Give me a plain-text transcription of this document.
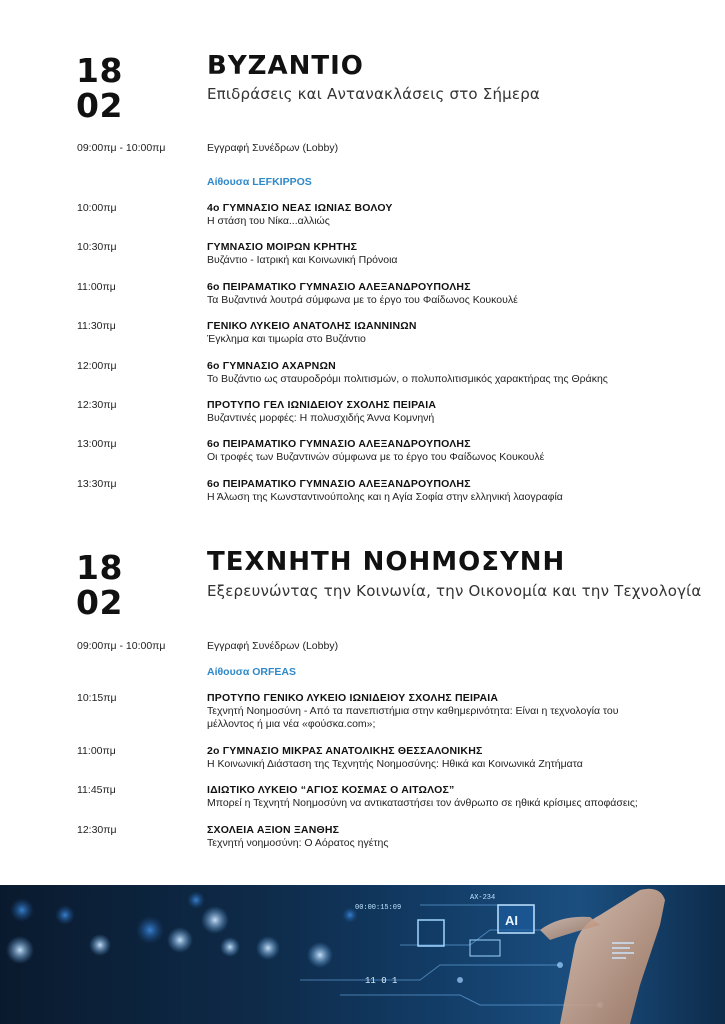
18
02
ΒΥΖΑΝΤΙΟ
Επιδράσεις και Αντανακλάσεις στο Σήμερα
09:00πμ - 10:00πμ	Εγγραφή Συνέδρων (Lobby)
Αίθουσα LEFKIPPOS
10:00πμ	4ο ΓΥΜΝΑΣΙΟ ΝΕΑΣ ΙΩΝΙΑΣ ΒΟΛΟΥ
Η στάση του Νίκα...αλλιώς
10:30πμ	ΓΥΜΝΑΣΙΟ ΜΟΙΡΩΝ ΚΡΗΤΗΣ
Βυζάντιο - Ιατρική και Κοινωνική Πρόνοια
11:00πμ	6ο ΠΕΙΡΑΜΑΤΙΚΟ ΓΥΜΝΑΣΙΟ ΑΛΕΞΑΝΔΡΟΥΠΟΛΗΣ
Τα Βυζαντινά λουτρά σύμφωνα με το έργο του Φαίδωνος Κουκουλέ
11:30πμ	ΓΕΝΙΚΟ ΛΥΚΕΙΟ ΑΝΑΤΟΛΗΣ ΙΩΑΝΝΙΝΩΝ
Έγκλημα και τιμωρία στο Βυζάντιο
12:00πμ	6ο ΓΥΜΝΑΣΙΟ ΑΧΑΡΝΩΝ
Το Βυζάντιο ως σταυροδρόμι πολιτισμών, ο πολυπολιτισμικός χαρακτήρας της Θράκης
12:30πμ	ΠΡΟΤΥΠΟ ΓΕΛ ΙΩΝΙΔΕΙΟΥ ΣΧΟΛΗΣ ΠΕΙΡΑΙΑ
Βυζαντινές μορφές: Η πολυσχιδής Άννα Κομνηνή
13:00πμ	6ο ΠΕΙΡΑΜΑΤΙΚΟ ΓΥΜΝΑΣΙΟ ΑΛΕΞΑΝΔΡΟΥΠΟΛΗΣ
Οι τροφές των Βυζαντινών σύμφωνα με το έργο του Φαίδωνος Κουκουλέ
13:30πμ	6ο ΠΕΙΡΑΜΑΤΙΚΟ ΓΥΜΝΑΣΙΟ ΑΛΕΞΑΝΔΡΟΥΠΟΛΗΣ
Η Άλωση της Κωνσταντινούπολης και η Αγία Σοφία στην ελληνική λαογραφία
18
02
ΤΕΧΝΗΤΗ ΝΟΗΜΟΣΥΝΗ
Εξερευνώντας την Κοινωνία, την Οικονομία και την Τεχνολογία
09:00πμ - 10:00πμ	Εγγραφή Συνέδρων (Lobby)
Αίθουσα ORFEAS
10:15πμ	ΠΡΟΤΥΠΟ ΓΕΝΙΚΟ ΛΥΚΕΙΟ ΙΩΝΙΔΕΙΟΥ ΣΧΟΛΗΣ ΠΕΙΡΑΙΑ
Τεχνητή Νοημοσύνη - Από τα πανεπιστήμια στην καθημερινότητα: Είναι η τεχνολογία του μέλλοντος ή μια νέα «φούσκα.com»;
11:00πμ	2ο ΓΥΜΝΑΣΙΟ ΜΙΚΡΑΣ ΑΝΑΤΟΛΙΚΗΣ ΘΕΣΣΑΛΟΝΙΚΗΣ
Η Κοινωνική Διάσταση της Τεχνητής Νοημοσύνης: Ηθικά και Κοινωνικά Ζητήματα
11:45πμ	ΙΔΙΩΤΙΚΟ ΛΥΚΕΙΟ “ΑΓΙΟΣ ΚΟΣΜΑΣ Ο ΑΙΤΩΛΟΣ”
Μπορεί η Τεχνητή Νοημοσύνη να αντικαταστήσει τον άνθρωπο σε ηθικά κρίσιμες αποφάσεις;
12:30πμ	ΣΧΟΛΕΙΑ ΑΞΙΟΝ ΞΑΝΘΗΣ
Τεχνητή νοημοσύνη: Ο Αόρατος ηγέτης
00:00:15:09
AX-234
11 0 1
AI
